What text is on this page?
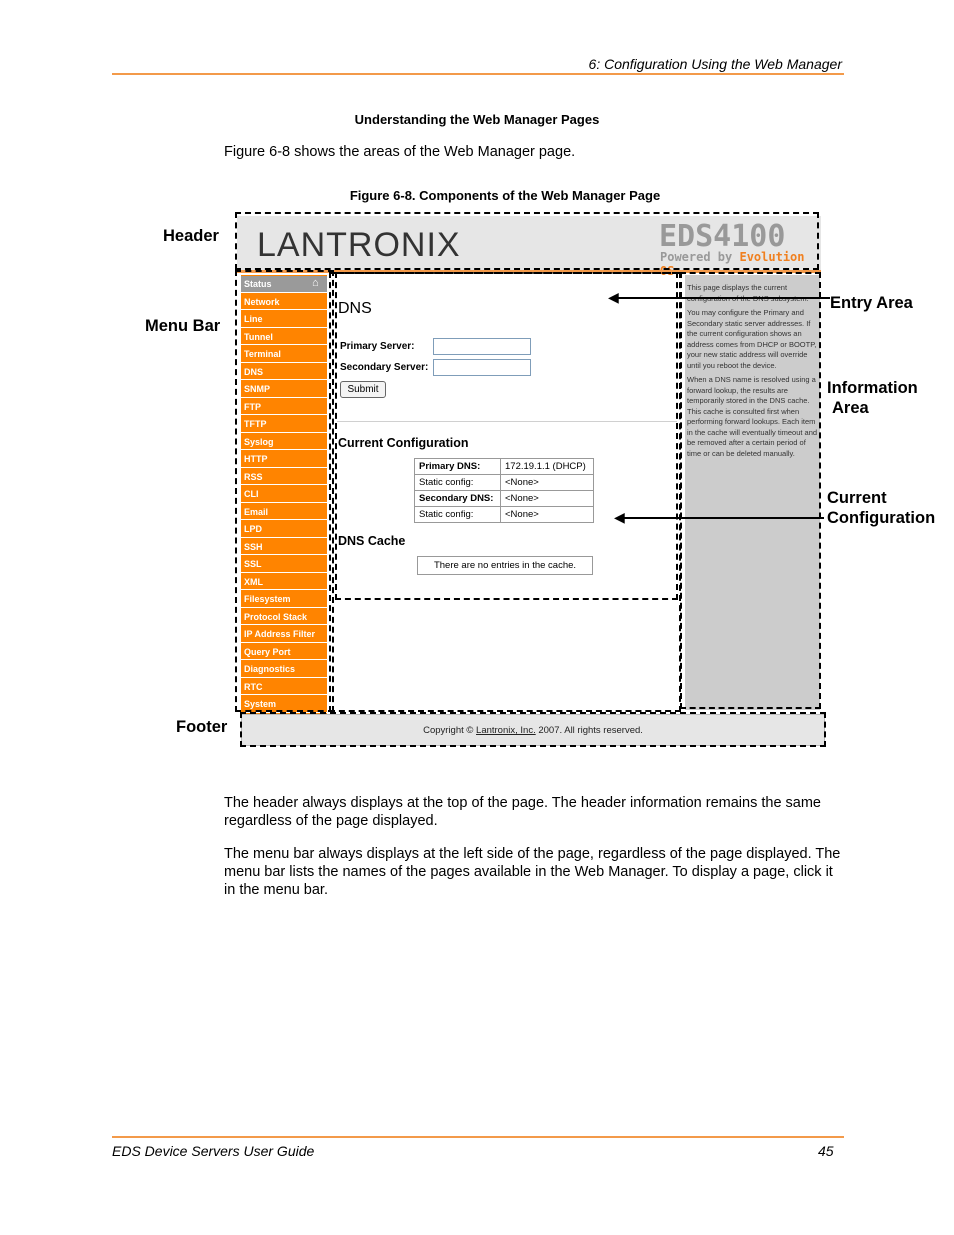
6: Configuration Using the Web Manager
Understanding the Web Manager Pages
Figure 6-8 shows the areas of the Web Manager page.
Figure 6-8. Components of the Web Manager Page
LANTRONIX	EDS4100
Powered by Evolution
Status
Network
Line
Tunnel
Terminal
DNS
SNMP
FTP
TFTP
Syslog
HTTP
RSS
CLI
Email
LPD
SSH
SSL
XML
Filesystem
Protocol Stack
IP Address Filter
Query Port
Diagnostics
RTC
System
⌂
DNS
Primary Server:
Secondary Server:
Submit
Current Configuration
Primary DNS:	172.19.1.1 (DHCP)
Static config:	<None>
Secondary DNS:	<None>
Static config:	<None>
DNS Cache
There are no entries in the cache.

This page displays the current

You may configure the Primary and Secondary static server addresses. If the current configuration shows an address comes from DHCP or BOOTP, your new static address will override until you reboot the device.

When a DNS name is resolved using a forward lookup, the results are temporarily stored in the DNS cache. This cache is consulted first when performing forward lookups. Each item in the cache will eventually timeout and be removed after a certain period of time or can be deleted manually.

Copyright © Lantronix, Inc. 2007. All rights reserved.
Header
Menu Bar
Footer
Entry Area
Information
Area
Current
Configuration
◀
◀
The header always displays at the top of the page. The header information remains the same regardless of the page displayed.
The menu bar always displays at the left side of the page, regardless of the page displayed. The menu bar lists the names of the pages available in the Web Manager. To display a page, click it in the menu bar.
EDS Device Servers User Guide	45
